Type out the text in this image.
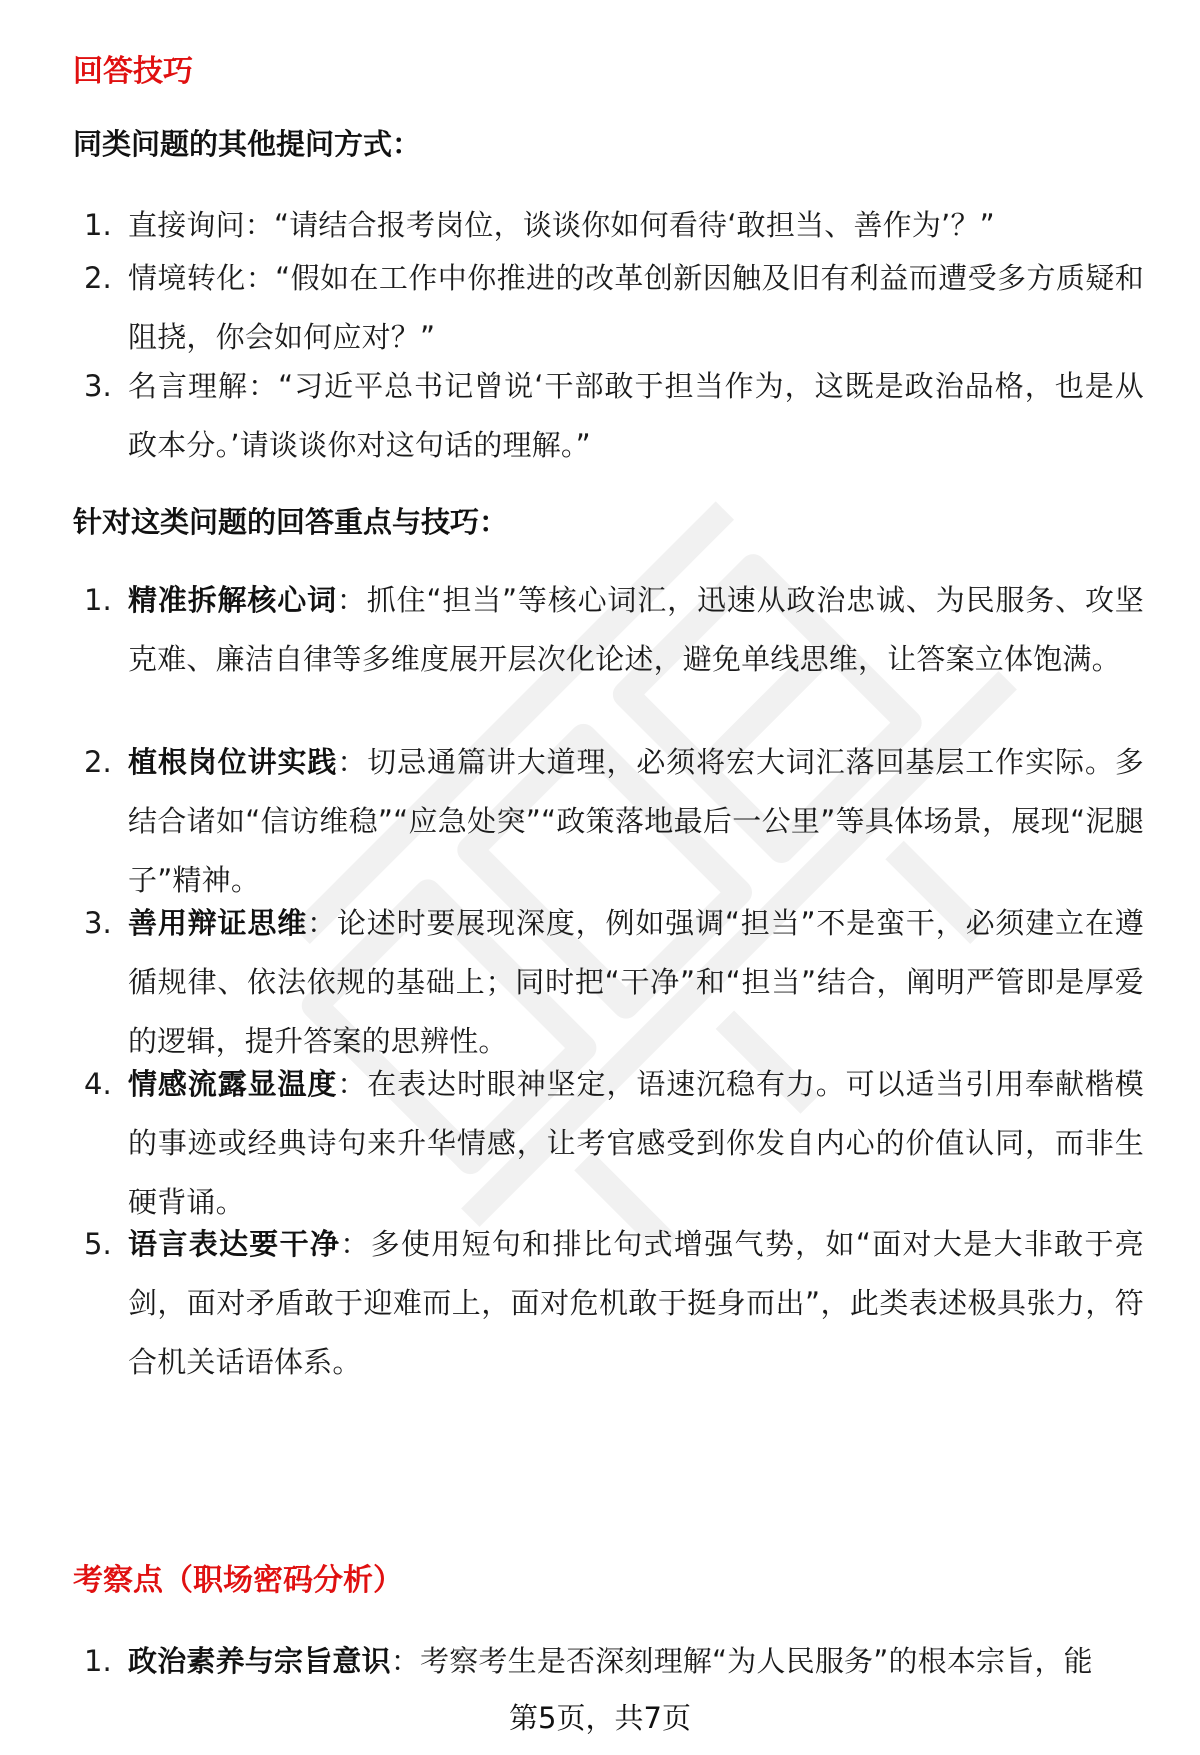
回答技巧
同类问题的其他提问方式：
1. 直接询问：“请结合报考岗位，谈谈你如何看待‘敢担当、善作为’？”
2. 情境转化：“假如在工作中你推进的改革创新因触及旧有利益而遭受多方质疑和阻挠，你会如何应对？”
3. 名言理解：“习近平总书记曾说‘干部敢于担当作为，这既是政治品格，也是从政本分。’请谈谈你对这句话的理解。”
针对这类问题的回答重点与技巧：
1. 精准拆解核心词：抓住“担当”等核心词汇，迅速从政治忠诚、为民服务、攻坚克难、廉洁自律等多维度展开层次化论述，避免单线思维，让答案立体饱满。
2. 植根岗位讲实践：切忌通篇讲大道理，必须将宏大词汇落回基层工作实际。多结合诸如“信访维稳”“应急处突”“政策落地最后一公里”等具体场景，展现“泥腿子”精神。
3. 善用辩证思维：论述时要展现深度，例如强调“担当”不是蛮干，必须建立在遵循规律、依法依规的基础上；同时把“干净”和“担当”结合，阐明严管即是厚爱的逻辑，提升答案的思辨性。
4. 情感流露显温度：在表达时眼神坚定，语速沉稳有力。可以适当引用奉献楷模的事迹或经典诗句来升华情感，让考官感受到你发自内心的价值认同，而非生硬背诵。
5. 语言表达要干净：多使用短句和排比句式增强气势，如“面对大是大非敢于亮剑，面对矛盾敢于迎难而上，面对危机敢于挺身而出”，此类表述极具张力，符合机关话语体系。
考察点（职场密码分析）
1. 政治素养与宗旨意识：考察考生是否深刻理解“为人民服务”的根本宗旨，能
第5页，共7页
